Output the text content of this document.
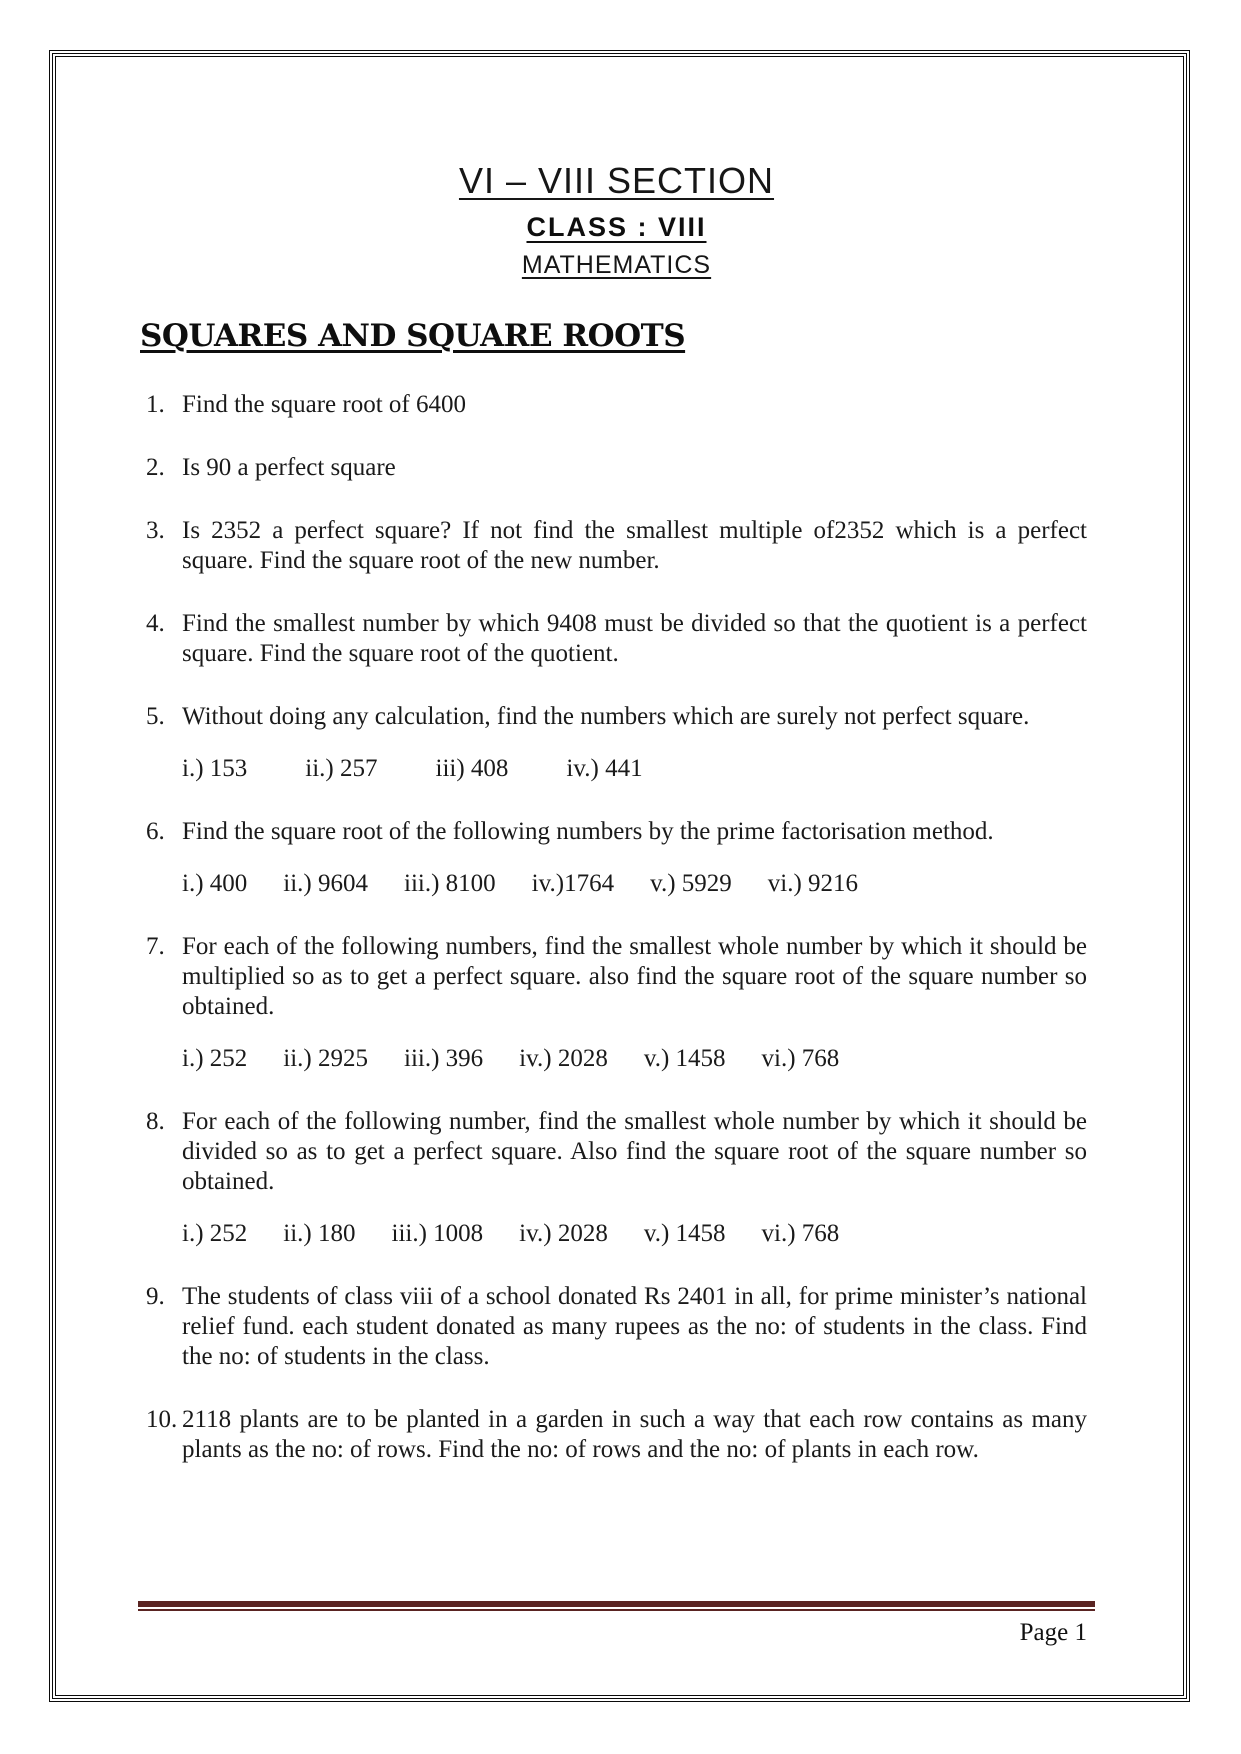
VI – VIII SECTION
CLASS : VIII
MATHEMATICS
SQUARES AND SQUARE ROOTS
1. Find the square root of 6400
2. Is 90 a perfect square
3. Is 2352 a perfect square? If not find the smallest multiple of2352 which is a perfect square. Find the square root of the new number.
4. Find the smallest number by which 9408 must be divided so that the quotient is a perfect square. Find the square root of the quotient.
5. Without doing any calculation, find the numbers which are surely not perfect square.
i.) 153 ii.) 257 iii) 408 iv.) 441
6. Find the square root of the following numbers by the prime factorisation method.
i.) 400 ii.) 9604 iii.) 8100 iv.)1764 v.) 5929 vi.) 9216
7. For each of the following numbers, find the smallest whole number by which it should be multiplied so as to get a perfect square. also find the square root of the square number so obtained.
i.) 252 ii.) 2925 iii.) 396 iv.) 2028 v.) 1458 vi.) 768
8. For each of the following number, find the smallest whole number by which it should be divided so as to get a perfect square. Also find the square root of the square number so obtained.
i.) 252 ii.) 180 iii.) 1008 iv.) 2028 v.) 1458 vi.) 768
9. The students of class viii of a school donated Rs 2401 in all, for prime minister’s national relief fund. each student donated as many rupees as the no: of students in the class. Find the no: of students in the class.
10. 2118 plants are to be planted in a garden in such a way that each row contains as many plants as the no: of rows. Find the no: of rows and the no: of plants in each row.
Page 1
